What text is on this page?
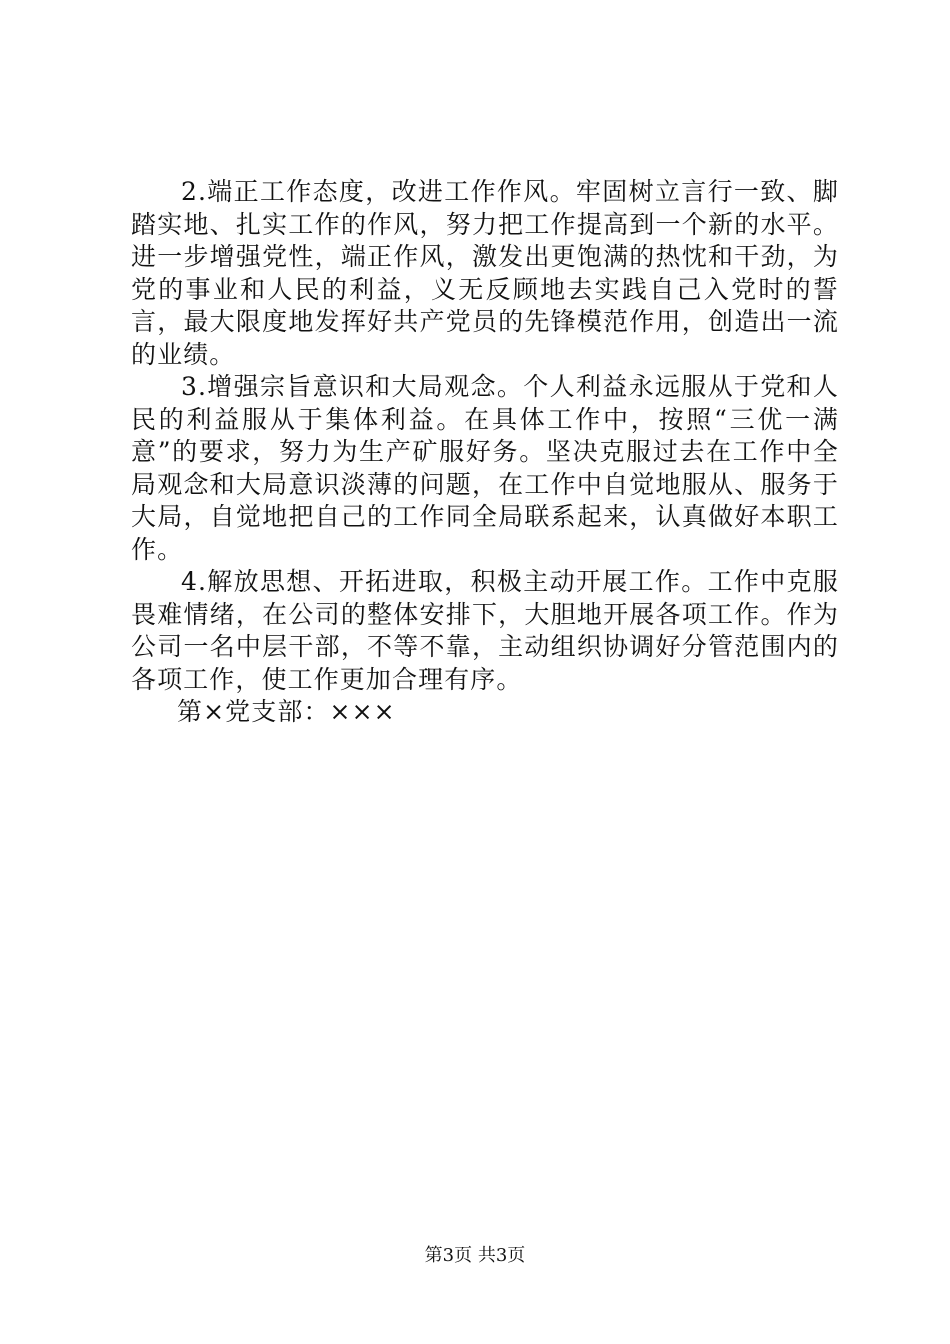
2.端正工作态度，改进工作作风。牢固树立言行一致、脚踏实地、扎实工作的作风，努力把工作提高到一个新的水平。进一步增强党性，端正作风，激发出更饱满的热忱和干劲，为党的事业和人民的利益，义无反顾地去实践自己入党时的誓言，最大限度地发挥好共产党员的先锋模范作用，创造出一流的业绩。

3.增强宗旨意识和大局观念。个人利益永远服从于党和人民的利益服从于集体利益。在具体工作中，按照“三优一满意”的要求，努力为生产矿服好务。坚决克服过去在工作中全局观念和大局意识淡薄的问题，在工作中自觉地服从、服务于大局，自觉地把自己的工作同全局联系起来，认真做好本职工作。

4.解放思想、开拓进取，积极主动开展工作。工作中克服畏难情绪，在公司的整体安排下，大胆地开展各项工作。作为公司一名中层干部，不等不靠，主动组织协调好分管范围内的各项工作，使工作更加合理有序。

第×党支部：×××

第3页 共3页
